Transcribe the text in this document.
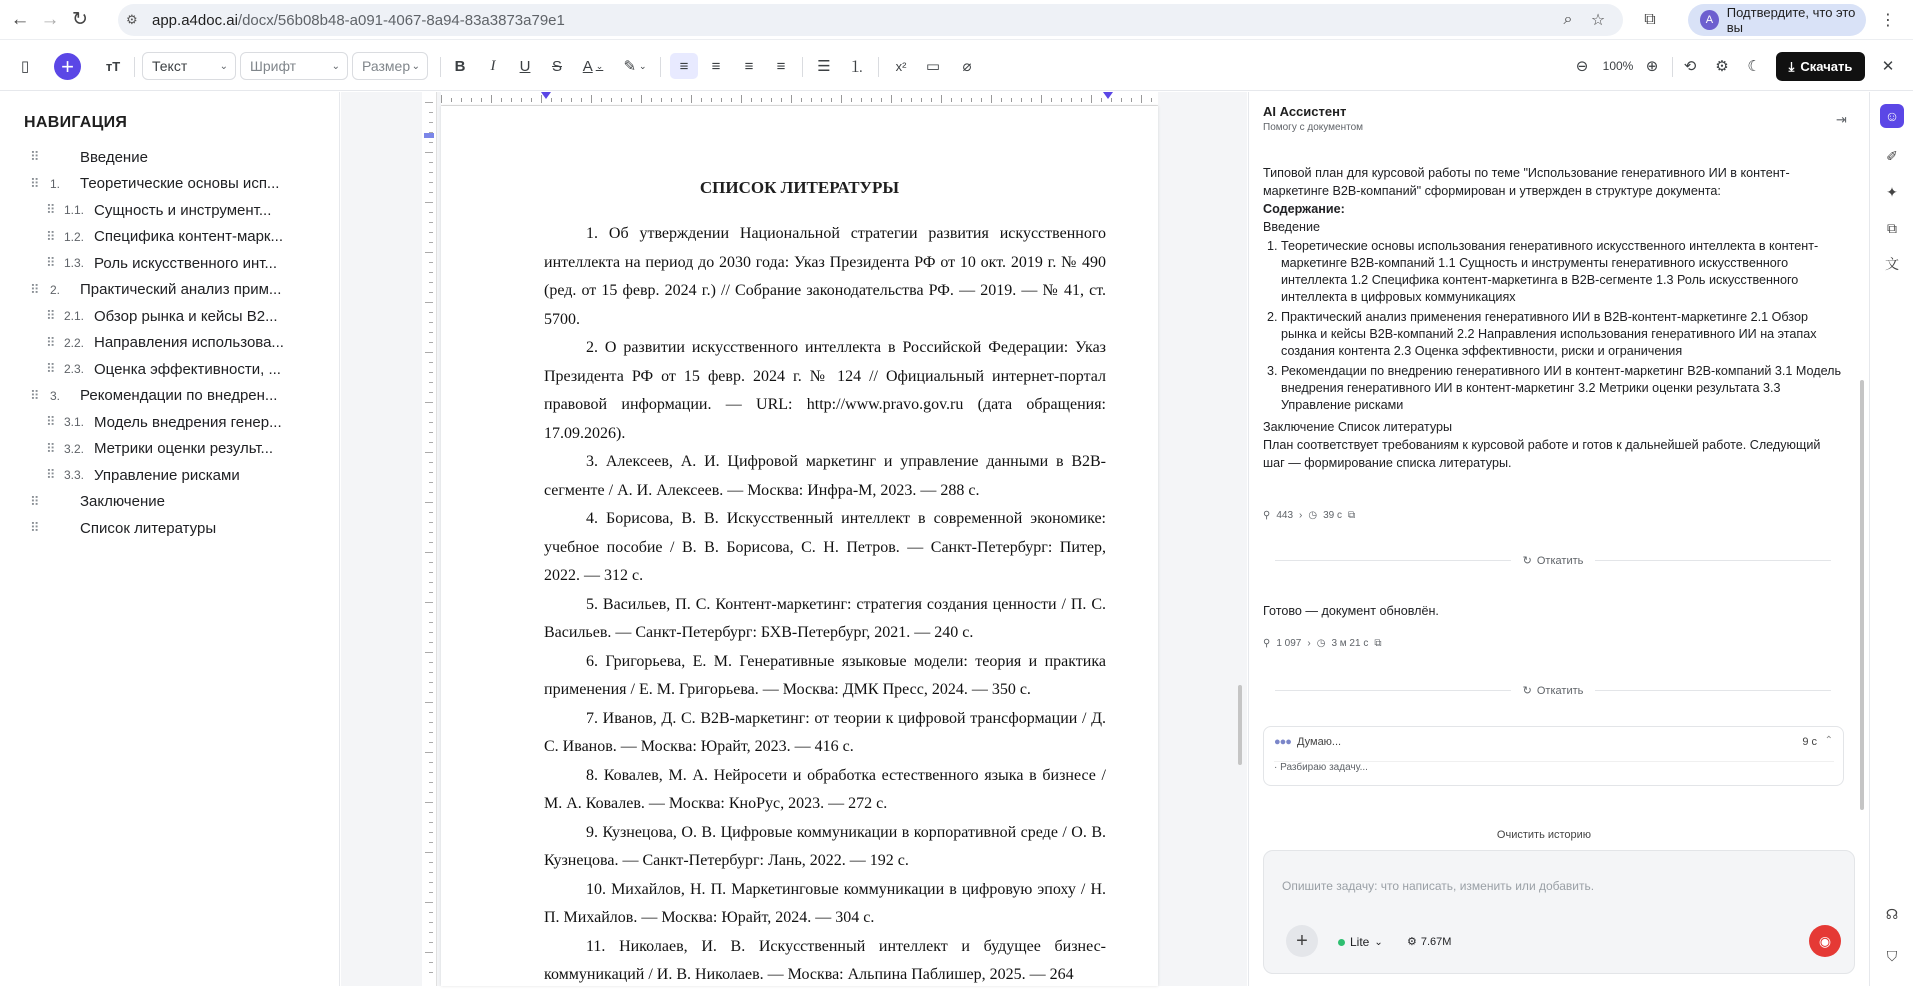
← → ↻	⚙ app.a4doc.ai/docx/56b08b48-a091-4067-8a94-83a3873a79e1	⌕	☆ ⧉	A	Подтвердите, что это вы	⋮
▯	+	тТ	Текст	⌄ Шрифт	⌄ Размер ⌄	B	I	U	S	A ⌄ ✎ ⌄	≡	≡	≡	≡	☰	⒈	x²	▭	⌀	⊖	100% ⊕	⟲	⚙	☾	⤓ Скачать	✕
НАВИГАЦИЯ
⠿	Введение
⠿ 1. Теоретические основы исп...
⠿ 1.1. Сущность и инструмент...
⠿ 1.2. Специфика контент-марк...
⠿ 1.3. Роль искусственного инт...
⠿ 2. Практический анализ прим...
⠿ 2.1. Обзор рынка и кейсы B2...
⠿ 2.2. Направления использова...
⠿ 2.3. Оценка эффективности, ...
⠿ 3. Рекомендации по внедрен...
⠿ 3.1. Модель внедрения генер...
⠿ 3.2. Метрики оценки результ...
⠿ 3.3. Управление рисками
⠿	Заключение
⠿	Список литературы
СПИСОК ЛИТЕРАТУРЫ

1. Об утверждении Национальной стратегии развития искусственного интеллекта на период до 2030 года: Указ Президента РФ от 10 окт. 2019 г. № 490 (ред. от 15 февр. 2024 г.) // Собрание законодательства РФ. — 2019. — № 41, ст. 5700.

2. О развитии искусственного интеллекта в Российской Федерации: Указ Президента РФ от 15 февр. 2024 г. № 124 // Официальный интернет-портал правовой информации. — URL: http://www.pravo.gov.ru (дата обращения: 17.09.2026).

3. Алексеев, А. И. Цифровой маркетинг и управление данными в B2B-сегменте / А. И. Алексеев. — Москва: Инфра-М, 2023. — 288 с.

4. Борисова, В. В. Искусственный интеллект в современной экономике: учебное пособие / В. В. Борисова, С. Н. Петров. — Санкт-Петербург: Питер, 2022. — 312 с.

5. Васильев, П. С. Контент-маркетинг: стратегия создания ценности / П. С. Васильев. — Санкт-Петербург: БХВ-Петербург, 2021. — 240 с.

6. Григорьева, Е. М. Генеративные языковые модели: теория и практика применения / Е. М. Григорьева. — Москва: ДМК Пресс, 2024. — 350 с.

7. Иванов, Д. С. B2B-маркетинг: от теории к цифровой трансформации / Д. С. Иванов. — Москва: Юрайт, 2023. — 416 с.

8. Ковалев, М. А. Нейросети и обработка естественного языка в бизнесе / М. А. Ковалев. — Москва: КноРус, 2023. — 272 с.

9. Кузнецова, О. В. Цифровые коммуникации в корпоративной среде / О. В. Кузнецова. — Санкт-Петербург: Лань, 2022. — 192 с.

10. Михайлов, Н. П. Маркетинговые коммуникации в цифровую эпоху / Н. П. Михайлов. — Москва: Юрайт, 2024. — 304 с.

11. Николаев, И. В. Искусственный интеллект и будущее бизнес-коммуникаций / И. В. Николаев. — Москва: Альпина Паблишер, 2025. — 264

AI Ассистент
Помогу с документом
⇥
Типовой план для курсовой работы по теме "Использование генеративного ИИ в контент-маркетинге B2B-компаний" сформирован и утвержден в структуре документа:
Содержание:
Введение
1. Теоретические основы использования генеративного искусственного интеллекта в контент-маркетинге B2B-компаний 1.1 Сущность и инструменты генеративного искусственного интеллекта 1.2 Специфика контент-маркетинга в B2B-сегменте 1.3 Роль искусственного интеллекта в цифровых коммуникациях
2. Практический анализ применения генеративного ИИ в B2B-контент-маркетинге 2.1 Обзор рынка и кейсы B2B-компаний 2.2 Направления использования генеративного ИИ на этапах создания контента 2.3 Оценка эффективности, риски и ограничения
3. Рекомендации по внедрению генеративного ИИ в контент-маркетинг B2B-компаний 3.1 Модель внедрения генеративного ИИ в контент-маркетинг 3.2 Метрики оценки результата 3.3 Управление рисками
Заключение Список литературы
План соответствует требованиям к курсовой работе и готов к дальнейшей работе. Следующий шаг — формирование списка литературы.
⚲ 443 › ◷ 39 с ⧉
↻ Откатить
Готово — документ обновлён.
⚲ 1 097 › ◷ 3 м 21 с ⧉
↻ Откатить
●●● Думаю...	9 с ⌃
· Разбираю задачу...
Очистить историю
Опишите задачу: что написать, изменить или добавить.
+	Lite ⌄ ⚙ 7.67M	◉
☺
✐
✦
⧉
文
☊
⛉
